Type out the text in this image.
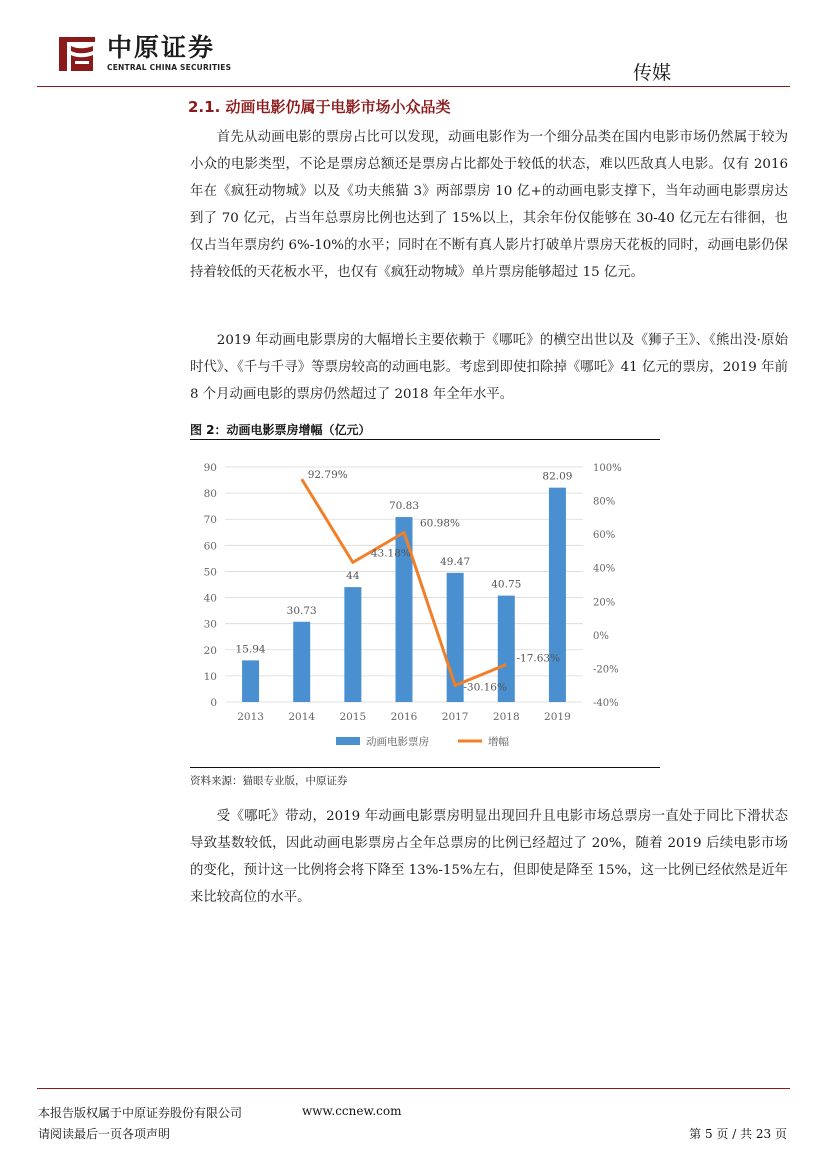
中原证券
CENTRAL CHINA SECURITIES	传媒
2.1. 动画电影仍属于电影市场小众品类

首先从动画电影的票房占比可以发现，动画电影作为一个细分品类在国内电影市场仍然属于较为小众的电影类型，不论是票房总额还是票房占比都处于较低的状态，难以匹敌真人电影。仅有 2016 年在《疯狂动物城》以及《功夫熊猫 3》两部票房 10 亿+的动画电影支撑下，当年动画电影票房达到了 70 亿元，占当年总票房比例也达到了 15%以上，其余年份仅能够在 30-40 亿元左右徘徊，也仅占当年票房约 6%-10%的水平；同时在不断有真人影片打破单片票房天花板的同时，动画电影仍保持着较低的天花板水平，也仅有《疯狂动物城》单片票房能够超过 15 亿元。

2019 年动画电影票房的大幅增长主要依赖于《哪吒》的横空出世以及《狮子王》、《熊出没·原始时代》、《千与千寻》等票房较高的动画电影。考虑到即使扣除掉《哪吒》41 亿元的票房，2019 年前 8 个月动画电影的票房仍然超过了 2018 年全年水平。

图 2：动画电影票房增幅（亿元）
15.94
30.73
44
70.83
49.47
40.75
82.09
92.79%
43.18%
60.98%
-30.16%
-17.63%
0
10
20
30
40
50
60
70
80
90
-40%
-20%
0%
20%
40%
60%
80%
100%
2013 2014 2015 2016 2017 2018 2019
动画电影票房	增幅
资料来源：猫眼专业版，中原证券

受《哪吒》带动，2019 年动画电影票房明显出现回升且电影市场总票房一直处于同比下滑状态导致基数较低，因此动画电影票房占全年总票房的比例已经超过了 20%，随着 2019 后续电影市场的变化，预计这一比例将会将下降至 13%-15%左右，但即使是降至 15%，这一比例已经依然是近年来比较高位的水平。

本报告版权属于中原证券股份有限公司	www.ccnew.com
请阅读最后一页各项声明	第 5 页 / 共 23 页
